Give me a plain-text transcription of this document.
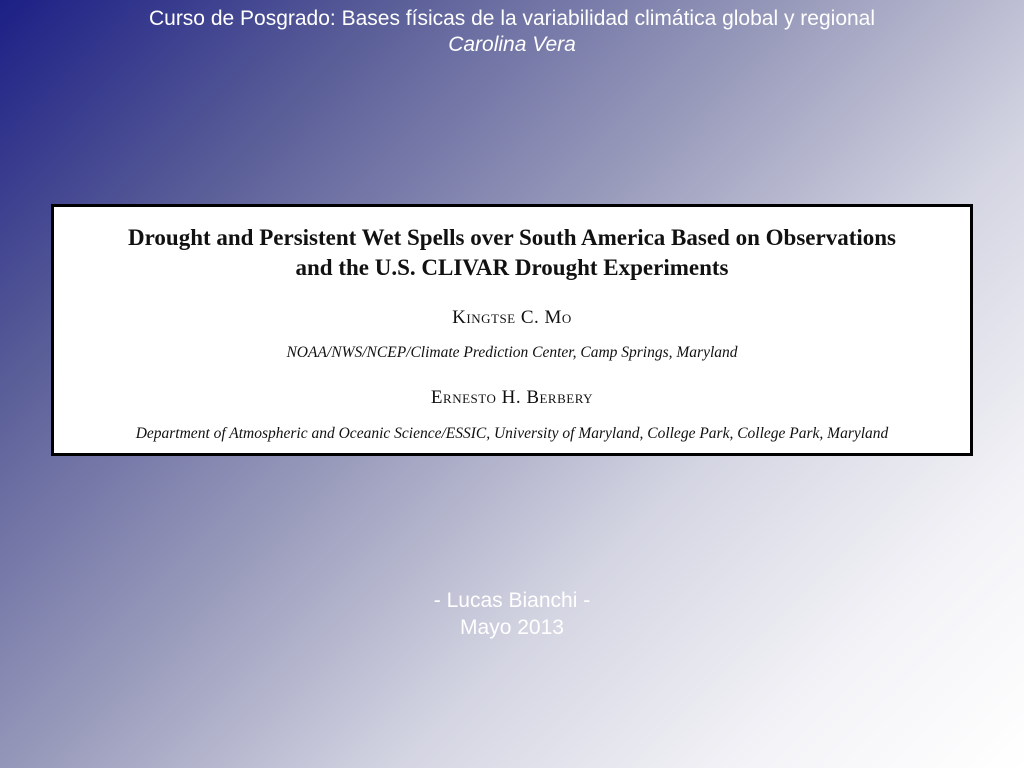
Curso de Posgrado: Bases físicas de la variabilidad climática global y regional
Carolina Vera
Drought and Persistent Wet Spells over South America Based on Observations
and the U.S. CLIVAR Drought Experiments
Kingtse C. Mo
NOAA/NWS/NCEP/Climate Prediction Center, Camp Springs, Maryland
Ernesto H. Berbery
Department of Atmospheric and Oceanic Science/ESSIC, University of Maryland, College Park, College Park, Maryland
- Lucas Bianchi -
Mayo 2013
